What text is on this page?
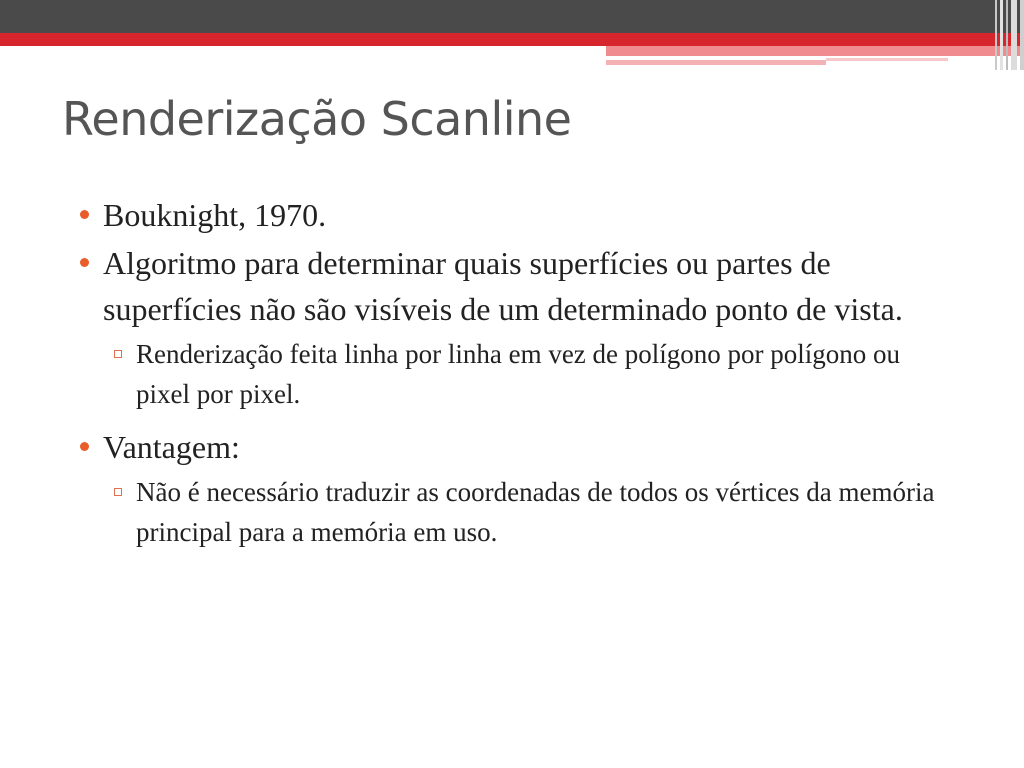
Renderização Scanline
Bouknight, 1970.
Algoritmo para determinar quais superfícies ou partes de superfícies não são visíveis de um determinado ponto de vista.
Renderização feita linha por linha em vez de polígono por polígono ou pixel por pixel.
Vantagem:
Não é necessário traduzir as coordenadas de todos os vértices da memória principal para a memória em uso.
